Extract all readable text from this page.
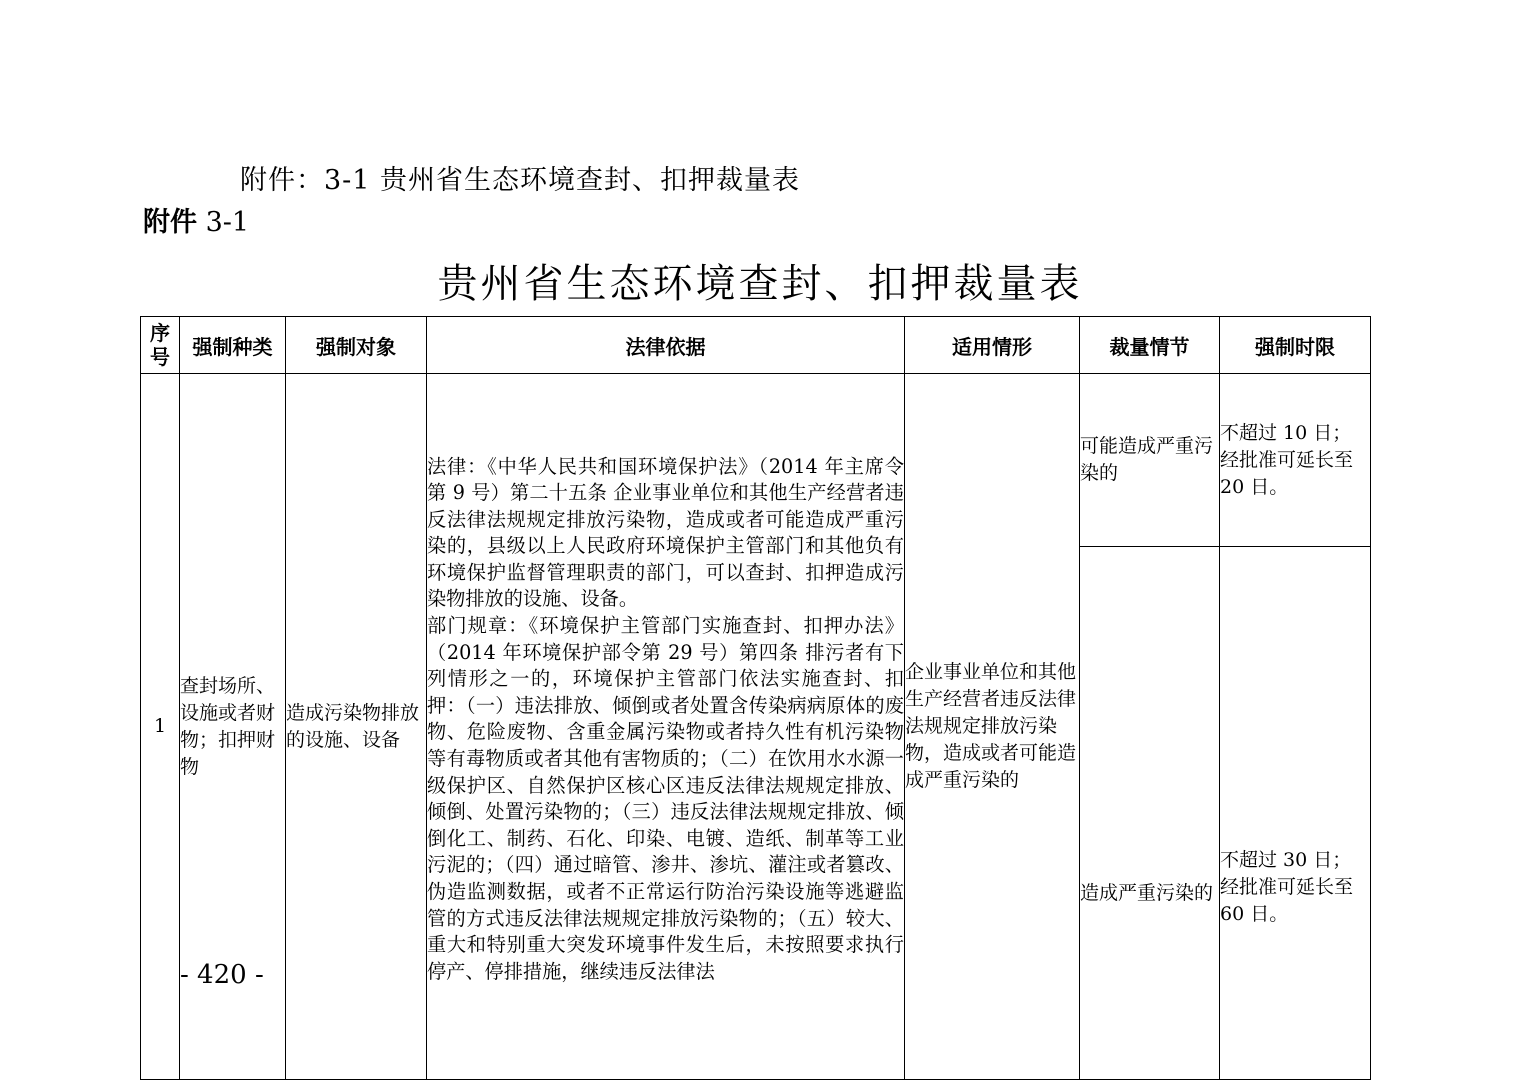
附件：3-1 贵州省生态环境查封、扣押裁量表
附件 3-1
贵州省生态环境查封、扣押裁量表
序号	强制种类	强制对象	法律依据	适用情形	裁量情节	强制时限
1	查封场所、设施或者财物；扣押财物	造成污染物排放的设施、设备	法律：《中华人民共和国环境保护法》（2014 年主席令第 9 号）第二十五条 企业事业单位和其他生产经营者违反法律法规规定排放污染物，造成或者可能造成严重污染的，县级以上人民政府环境保护主管部门和其他负有环境保护监督管理职责的部门，可以查封、扣押造成污染物排放的设施、设备。

部门规章：《环境保护主管部门实施查封、扣押办法》（2014 年环境保护部令第 29 号）第四条 排污者有下列情形之一的，环境保护主管部门依法实施查封、扣押：（一）违法排放、倾倒或者处置含传染病病原体的废物、危险废物、含重金属污染物或者持久性有机污染物等有毒物质或者其他有害物质的；（二）在饮用水水源一级保护区、自然保护区核心区违反法律法规规定排放、倾倒、处置污染物的；（三）违反法律法规规定排放、倾倒化工、制药、石化、印染、电镀、造纸、制革等工业污泥的；（四）通过暗管、渗井、渗坑、灌注或者篡改、伪造监测数据，或者不正常运行防治污染设施等逃避监管的方式违反法律法规规定排放污染物的；（五）较大、重大和特别重大突发环境事件发生后，未按照要求执行停产、停排措施，继续违反法律法	企业事业单位和其他生产经营者违反法律法规规定排放污染物，造成或者可能造成严重污染的	可能造成严重污染的	不超过 10 日；经批准可延长至 20 日。
					造成严重污染的	不超过 30 日；经批准可延长至 60 日。
- 420 -
